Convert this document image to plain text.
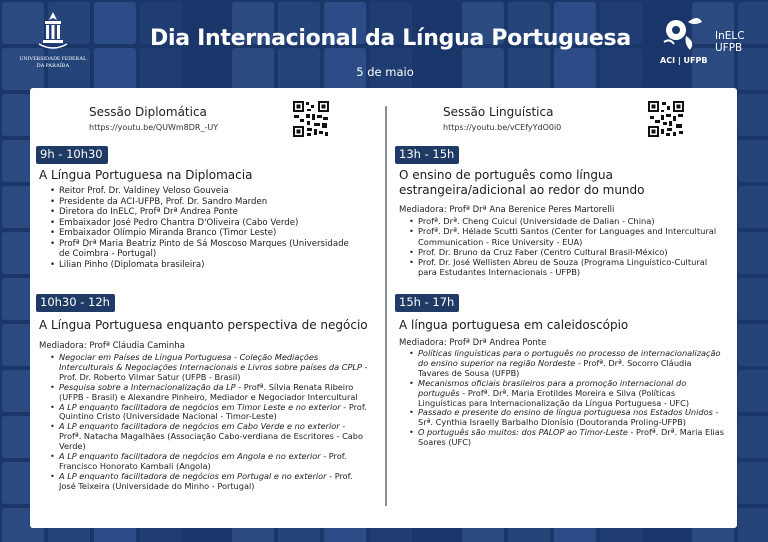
UNIVERSIDADE FEDERAL
DA PARAÍBA
Dia Internacional da Língua Portuguesa
5 de maio
InELC
UFPB
ACI | UFPB
Sessão Diplomática
https://youtu.be/QUWm8DR_-UY
9h - 10h30
A Língua Portuguesa na Diplomacia
• Reitor Prof. Dr. Valdiney Veloso Gouveia
• Presidente da ACI-UFPB, Prof. Dr. Sandro Marden
• Diretora do InELC, Profª Drª Andrea Ponte
• Embaixador José Pedro Chantra D'Oliveira (Cabo Verde)
• Embaixador Olímpio Miranda Branco (Timor Leste)
• Profª Drª Maria Beatriz Pinto de Sá Moscoso Marques (Universidade de Coimbra - Portugal)
• Lilian Pinho (Diplomata brasileira)
10h30 - 12h
A Língua Portuguesa enquanto perspectiva de negócio
Mediadora: Profª Cláudia Caminha
• Negociar em Países de Língua Portuguesa - Coleção Mediações Interculturais & Negociações Internacionais e Livros sobre países da CPLP - Prof. Dr. Roberto Vilmar Satur (UFPB - Brasil)
• Pesquisa sobre a Internacionalização da LP - Profª. Sílvia Renata Ribeiro (UFPB - Brasil) e Alexandre Pinheiro, Mediador e Negociador Intercultural
• A LP enquanto facilitadora de negócios em Timor Leste e no exterior - Prof. Quintino Cristo (Universidade Nacional - Timor-Leste)
• A LP enquanto facilitadora de negócios em Cabo Verde e no exterior - Profª. Natacha Magalhães (Associação Cabo-verdiana de Escritores - Cabo Verde)
• A LP enquanto facilitadora de negócios em Angola e no exterior - Prof. Francisco Honorato Kambali (Angola)
• A LP enquanto facilitadora de negócios em Portugal e no exterior - Prof. José Teixeira (Universidade do Minho - Portugal)
Sessão Linguística
https://youtu.be/vCEfyYdO0i0
13h - 15h
O ensino de português como língua estrangeira/adicional ao redor do mundo
Mediadora: Profª Drª Ana Berenice Peres Martorelli
• Profª. Drª. Cheng Cuicui (Universidade de Dalian - China)
• Profª. Drª. Hélade Scutti Santos (Center for Languages and Intercultural Communication - Rice University - EUA)
• Prof. Dr. Bruno da Cruz Faber (Centro Cultural Brasil-México)
• Prof. Dr. José Wellisten Abreu de Souza (Programa Linguístico-Cultural para Estudantes Internacionais - UFPB)
15h - 17h
A língua portuguesa em caleidoscópio
Mediadora: Profª Drª Andrea Ponte
• Políticas linguísticas para o português no processo de internacionalização do ensino superior na região Nordeste - Profª. Drª. Socorro Cláudia Tavares de Sousa (UFPB)
• Mecanismos oficiais brasileiros para a promoção internacional do português - Profª. Drª. Maria Erotildes Moreira e Silva (Políticas Linguísticas para Internacionalização da Língua Portuguesa - UFC)
• Passado e presente do ensino de língua portuguesa nos Estados Unidos - Srª. Cynthia Israelly Barbalho Dionísio (Doutoranda Proling-UFPB)
• O português são muitos: dos PALOP ao Timor-Leste - Profª. Drª. Maria Elias Soares (UFC)
